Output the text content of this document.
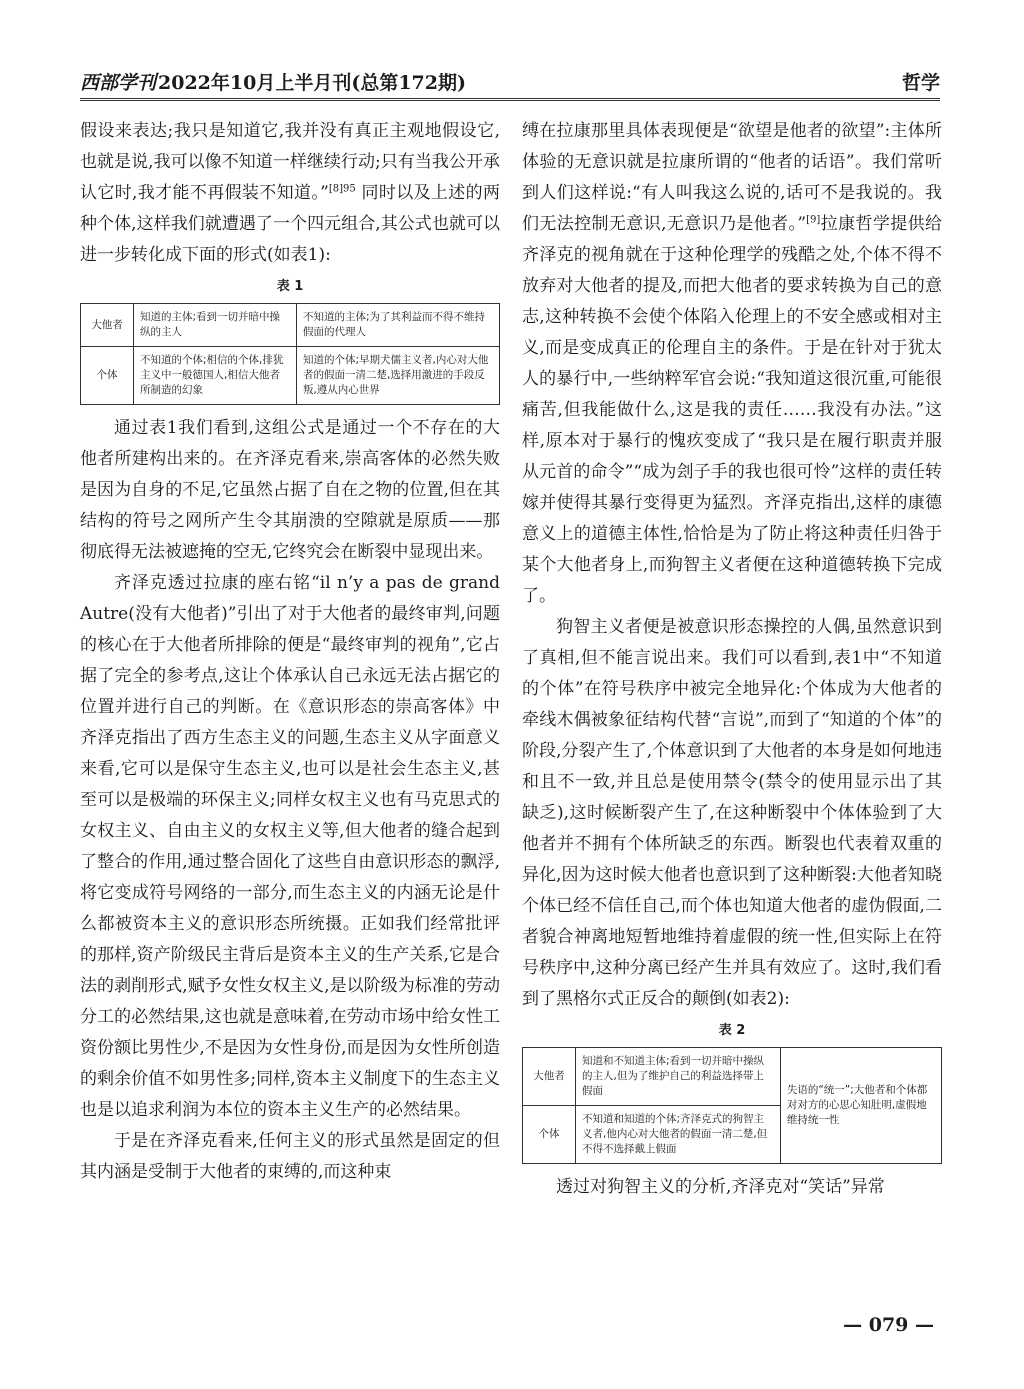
西部学刊 2022年10月上半月刊(总第172期)	哲学

假设来表达;我只是知道它,我并没有真正主观地假设它,也就是说,我可以像不知道一样继续行动;只有当我公开承认它时,我才能不再假装不知道。”$^{[8]95}$ 同时以及上述的两种个体,这样我们就遭遇了一个四元组合,其公式也就可以进一步转化成下面的形式(如表1):

表 1
大他者	知道的主体;看到一切并暗中操纵的主人	不知道的主体;为了其利益而不得不维持假面的代理人
个体	不知道的个体;相信的个体,排犹主义中一般德国人,相信大他者所制造的幻象	知道的个体;早期犬儒主义者,内心对大他者的假面一清二楚,选择用激进的手段反叛,遵从内心世界

通过表1我们看到,这组公式是通过一个不存在的大他者所建构出来的。在齐泽克看来,崇高客体的必然失败是因为自身的不足,它虽然占据了自在之物的位置,但在其结构的符号之网所产生令其崩溃的空隙就是原质——那彻底得无法被遮掩的空无,它终究会在断裂中显现出来。

齐泽克透过拉康的座右铭“il n’y a pas de grand Autre(没有大他者)”引出了对于大他者的最终审判,问题的核心在于大他者所排除的便是“最终审判的视角”,它占据了完全的参考点,这让个体承认自己永远无法占据它的位置并进行自己的判断。在《意识形态的崇高客体》中齐泽克指出了西方生态主义的问题,生态主义从字面意义来看,它可以是保守生态主义,也可以是社会生态主义,甚至可以是极端的环保主义;同样女权主义也有马克思式的女权主义、自由主义的女权主义等,但大他者的缝合起到了整合的作用,通过整合固化了这些自由意识形态的飘浮,将它变成符号网络的一部分,而生态主义的内涵无论是什么都被资本主义的意识形态所统摄。正如我们经常批评的那样,资产阶级民主背后是资本主义的生产关系,它是合法的剥削形式,赋予女性女权主义,是以阶级为标准的劳动分工的必然结果,这也就是意味着,在劳动市场中给女性工资份额比男性少,不是因为女性身份,而是因为女性所创造的剩余价值不如男性多;同样,资本主义制度下的生态主义也是以追求利润为本位的资本主义生产的必然结果。

于是在齐泽克看来,任何主义的形式虽然是固定的但其内涵是受制于大他者的束缚的,而这种束

缚在拉康那里具体表现便是“欲望是他者的欲望”:主体所体验的无意识就是拉康所谓的“他者的话语”。我们常听到人们这样说:“有人叫我这么说的,话可不是我说的。我们无法控制无意识,无意识乃是他者。”[9]拉康哲学提供给齐泽克的视角就在于这种伦理学的残酷之处,个体不得不放弃对大他者的提及,而把大他者的要求转换为自己的意志,这种转换不会使个体陷入伦理上的不安全感或相对主义,而是变成真正的伦理自主的条件。于是在针对于犹太人的暴行中,一些纳粹军官会说:“我知道这很沉重,可能很痛苦,但我能做什么,这是我的责任……我没有办法。”这样,原本对于暴行的愧疚变成了“我只是在履行职责并服从元首的命令”“成为刽子手的我也很可怜”这样的责任转嫁并使得其暴行变得更为猛烈。齐泽克指出,这样的康德意义上的道德主体性,恰恰是为了防止将这种责任归咎于某个大他者身上,而狗智主义者便在这种道德转换下完成了。

狗智主义者便是被意识形态操控的人偶,虽然意识到了真相,但不能言说出来。我们可以看到,表1中“不知道的个体”在符号秩序中被完全地异化:个体成为大他者的牵线木偶被象征结构代替“言说”,而到了“知道的个体”的阶段,分裂产生了,个体意识到了大他者的本身是如何地违和且不一致,并且总是使用禁令(禁令的使用显示出了其缺乏),这时候断裂产生了,在这种断裂中个体体验到了大他者并不拥有个体所缺乏的东西。断裂也代表着双重的异化,因为这时候大他者也意识到了这种断裂:大他者知晓个体已经不信任自己,而个体也知道大他者的虚伪假面,二者貌合神离地短暂地维持着虚假的统一性,但实际上在符号秩序中,这种分离已经产生并具有效应了。这时,我们看到了黑格尔式正反合的颠倒(如表2):

表 2
大他者	知道和不知道主体;看到一切并暗中操纵的主人,但为了维护自己的利益选择带上假面	失语的“统一”;大他者和个体都对对方的心思心知肚明,虚假地维持统一性
个体	不知道和知道的个体;齐泽克式的狗智主义者,他内心对大他者的假面一清二楚,但不得不选择戴上假面	

透过对狗智主义的分析,齐泽克对“笑话”异常

— 079 —
